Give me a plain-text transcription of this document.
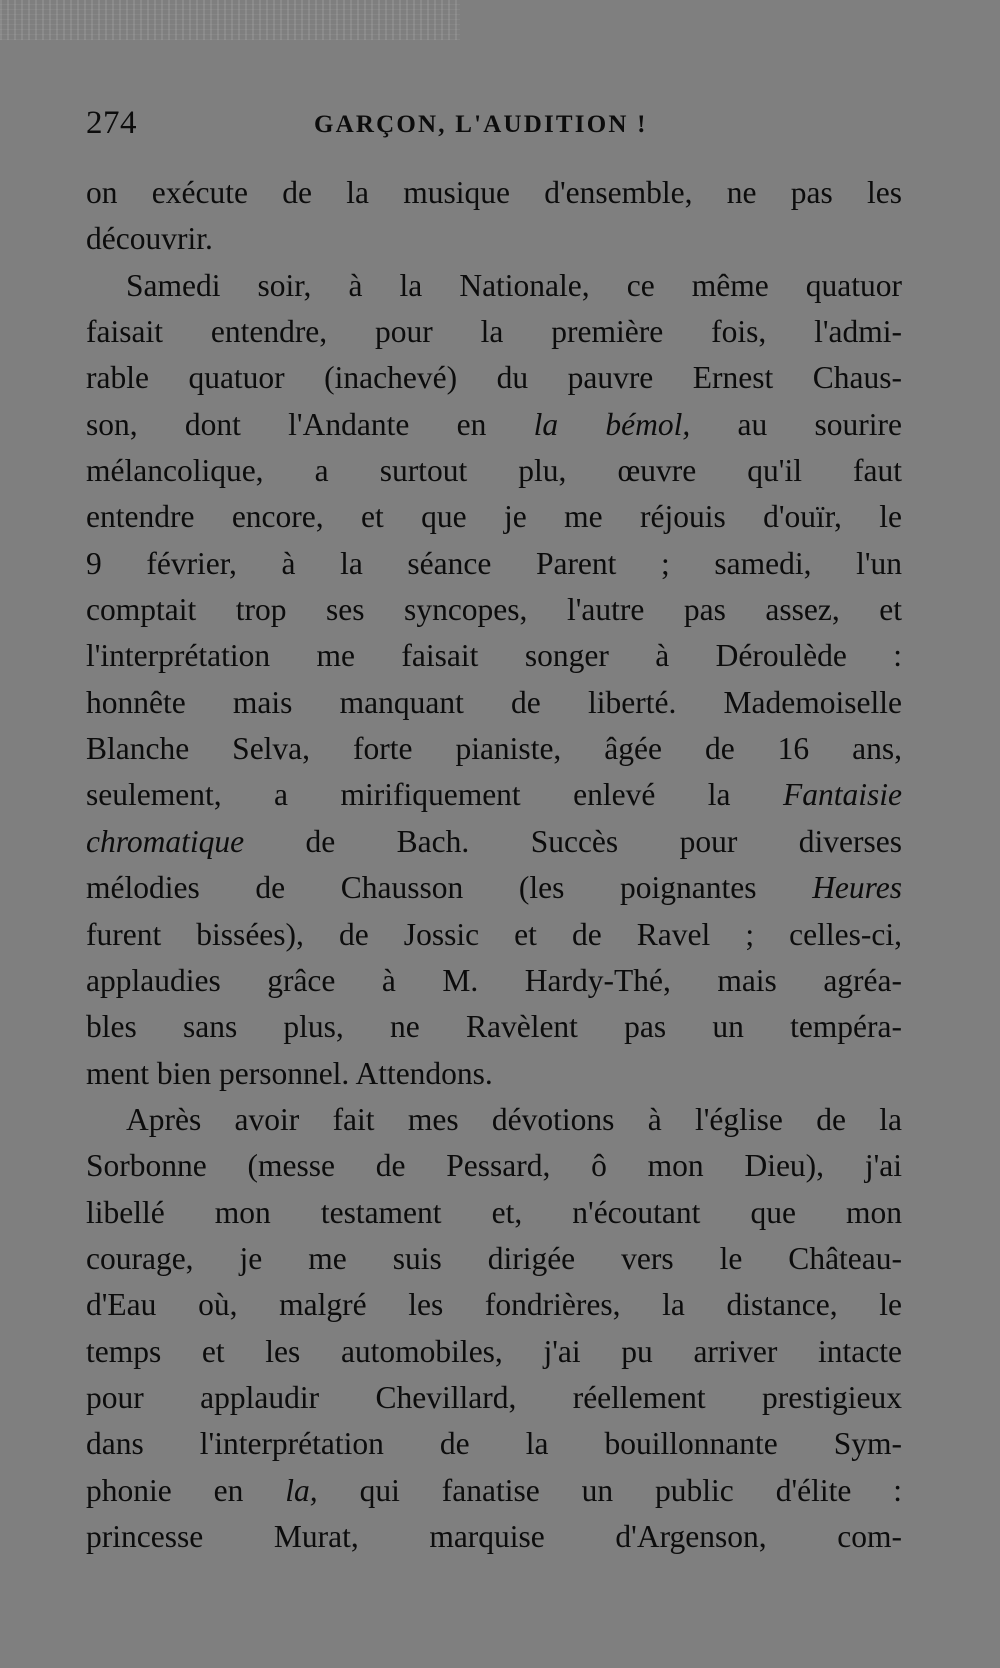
274	GARÇON, L'AUDITION !
on exécute de la musique d'ensemble, ne pas les
découvrir.
Samedi soir, à la Nationale, ce même quatuor
faisait entendre, pour la première fois, l'admi-
rable quatuor (inachevé) du pauvre Ernest Chaus-
son, dont l'Andante en la bémol, au sourire
mélancolique, a surtout plu, œuvre qu'il faut
entendre encore, et que je me réjouis d'ouïr, le
9 février, à la séance Parent ; samedi, l'un
comptait trop ses syncopes, l'autre pas assez, et
l'interprétation me faisait songer à Déroulède :
honnête mais manquant de liberté. Mademoiselle
Blanche Selva, forte pianiste, âgée de 16 ans,
seulement, a mirifiquement enlevé la Fantaisie
chromatique de Bach. Succès pour diverses
mélodies de Chausson (les poignantes Heures
furent bissées), de Jossic et de Ravel ; celles-ci,
applaudies grâce à M. Hardy-Thé, mais agréa-
bles sans plus, ne Ravèlent pas un tempéra-
ment bien personnel. Attendons.
Après avoir fait mes dévotions à l'église de la
Sorbonne (messe de Pessard, ô mon Dieu), j'ai
libellé mon testament et, n'écoutant que mon
courage, je me suis dirigée vers le Château-
d'Eau où, malgré les fondrières, la distance, le
temps et les automobiles, j'ai pu arriver intacte
pour applaudir Chevillard, réellement prestigieux
dans l'interprétation de la bouillonnante Sym-
phonie en la, qui fanatise un public d'élite :
princesse Murat, marquise d'Argenson, com-
